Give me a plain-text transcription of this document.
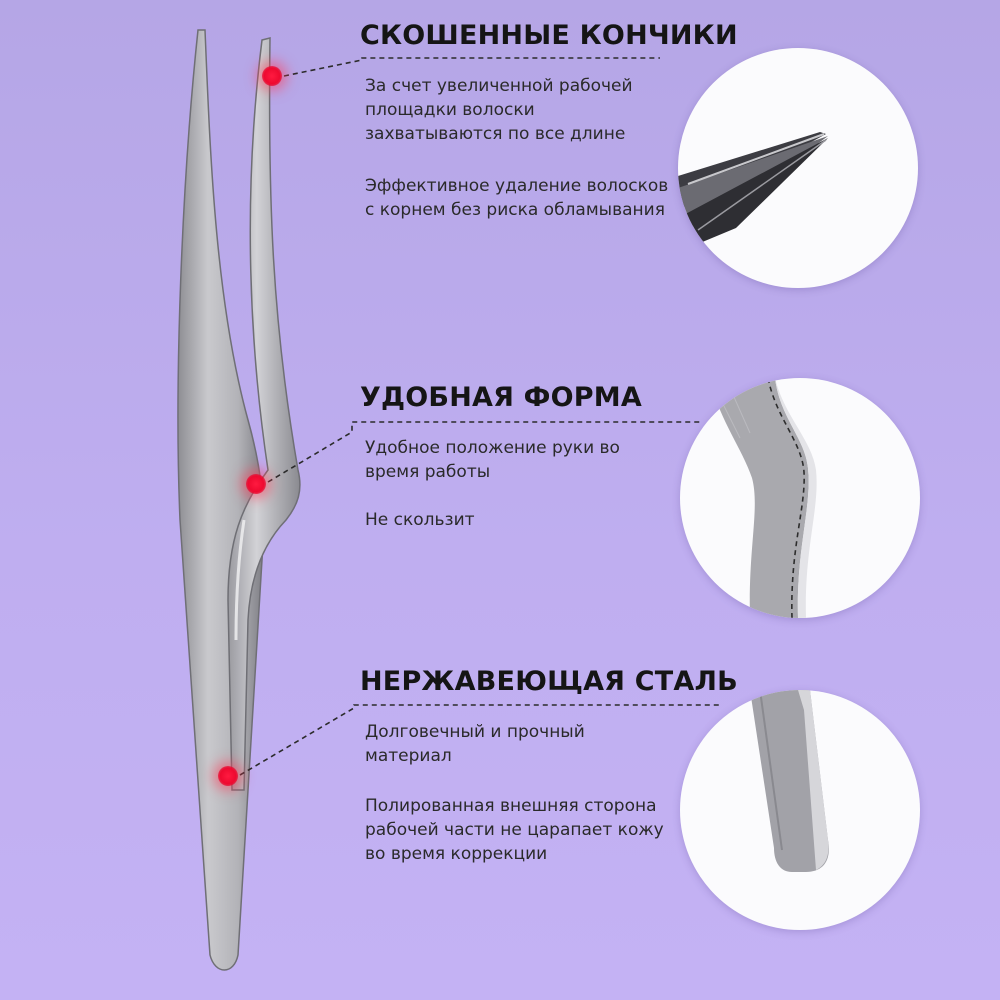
СКОШЕННЫЕ КОНЧИКИ

За счет увеличенной рабочей площадки волоски захватываются по все длине

Эффективное удаление волосков с корнем без риска обламывания

УДОБНАЯ ФОРМА

Удобное положение руки во время работы

Не скользит

НЕРЖАВЕЮЩАЯ СТАЛЬ

Долговечный и прочный материал

Полированная внешняя сторона рабочей части не царапает кожу во время коррекции
